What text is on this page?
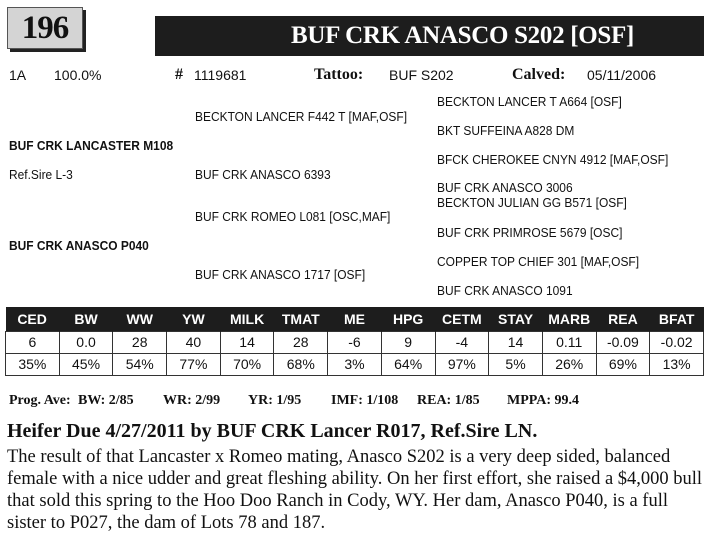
196	BUF CRK ANASCO S202 [OSF]
1A 100.0%	# 1119681	Tattoo: BUF S202	Calved: 05/11/2006
BUF CRK LANCASTER M108
Ref.Sire L-3
BUF CRK ANASCO P040
BECKTON LANCER F442 T [MAF,OSF]
BUF CRK ANASCO 6393
BUF CRK ROMEO L081 [OSC,MAF]
BUF CRK ANASCO 1717 [OSF]
BECKTON LANCER T A664 [OSF]
BKT SUFFEINA A828 DM
BFCK CHEROKEE CNYN 4912 [MAF,OSF]
BUF CRK ANASCO 3006
BECKTON JULIAN GG B571 [OSF]
BUF CRK PRIMROSE 5679 [OSC]
COPPER TOP CHIEF 301 [MAF,OSF]
BUF CRK ANASCO 1091
CED	BW	WW	YW	MILK	TMAT	ME	HPG	CETM	STAY	MARB	REA	BFAT
6	0.0	28	40	14	28	-6	9	-4	14	0.11	-0.09	-0.02
35%	45%	54%	77%	70%	68%	3%	64%	97%	5%	26%	69%	13%
Prog. Ave: BW: 2/85 WR: 2/99 YR: 1/95 IMF: 1/108 REA: 1/85 MPPA: 99.4
Heifer Due 4/27/2011 by BUF CRK Lancer R017, Ref.Sire LN.
The result of that Lancaster x Romeo mating, Anasco S202 is a very deep sided, balanced female with a nice udder and great fleshing ability. On her first effort, she raised a $4,000 bull that sold this spring to the Hoo Doo Ranch in Cody, WY. Her dam, Anasco P040, is a full sister to P027, the dam of Lots 78 and 187.
